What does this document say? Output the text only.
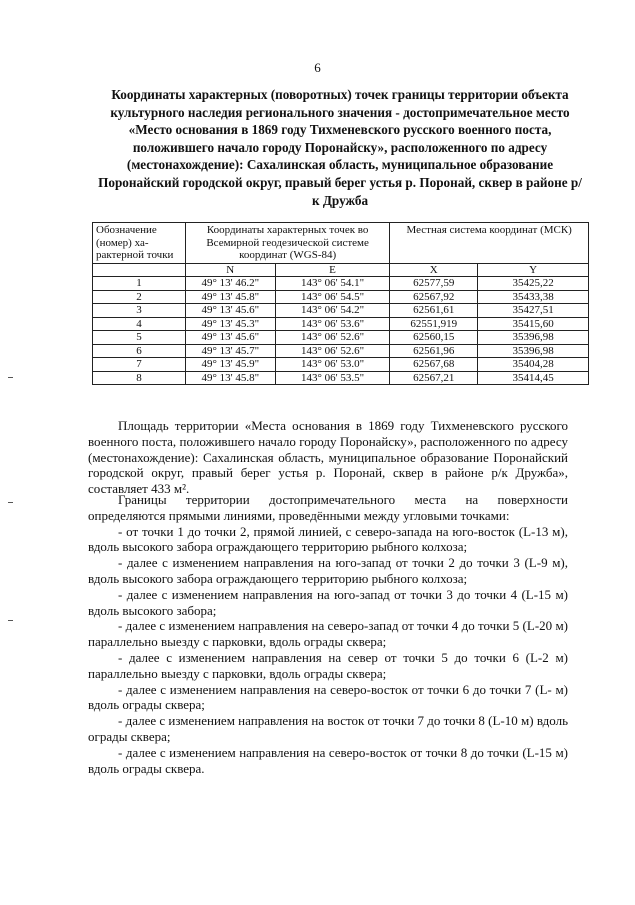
6
Координаты характерных (поворотных) точек границы территории объекта культурного наследия регионального значения - достопримечательное место «Место основания в 1869 году Тихменевского русского военного поста, положившего начало городу Поронайску», расположенного по адресу (местонахождение): Сахалинская область, муниципальное образование Поронайский городской округ, правый берег устья р. Поронай, сквер в районе р/к Дружба
Обозначение (номер) ха-рактерной точки	Координаты характерных точек во Всемирной геодезической системе координат (WGS-84)		Местная система координат (МСК)	

	N	E	X	Y
1	49° 13' 46.2"	143° 06' 54.1"	62577,59	35425,22
2	49° 13' 45.8"	143° 06' 54.5"	62567,92	35433,38
3	49° 13' 45.6"	143° 06' 54.2"	62561,61	35427,51
4	49° 13' 45.3"	143° 06' 53.6"	62551,919	35415,60
5	49° 13' 45.6"	143° 06' 52.6"	62560,15	35396,98
6	49° 13' 45.7"	143° 06' 52.6"	62561,96	35396,98
7	49° 13' 45.9"	143° 06' 53.0"	62567,68	35404,28
8	49° 13' 45.8"	143° 06' 53.5"	62567,21	35414,45
Площадь территории «Места основания в 1869 году Тихменевского русского военного поста, положившего начало городу Поронайску», расположенного по адресу (местонахождение): Сахалинская область, муниципальное образование Поронайский городской округ, правый берег устья р. Поронай, сквер в районе р/к Дружба», составляет 433 м².
Границы территории достопримечательного места на поверхности определяются прямыми линиями, проведёнными между угловыми точками:
- от точки 1 до точки 2, прямой линией, с северо-запада на юго-восток (L-13 м), вдоль высокого забора ограждающего территорию рыбного колхоза;
- далее с изменением направления на юго-запад от точки 2 до точки 3 (L-9 м), вдоль высокого забора ограждающего территорию рыбного колхоза;
- далее с изменением направления на юго-запад от точки 3 до точки 4 (L-15 м) вдоль высокого забора;
- далее с изменением направления на северо-запад от точки 4 до точки 5 (L-20 м) параллельно выезду с парковки, вдоль ограды сквера;
- далее с изменением направления на север от точки 5 до точки 6 (L-2 м) параллельно выезду с парковки, вдоль ограды сквера;
- далее с изменением направления на северо-восток от точки 6 до точки 7 (L- м) вдоль ограды сквера;
- далее с изменением направления на восток от точки 7 до точки 8 (L-10 м) вдоль ограды сквера;
- далее с изменением направления на северо-восток от точки 8 до точки (L-15 м) вдоль ограды сквера.
